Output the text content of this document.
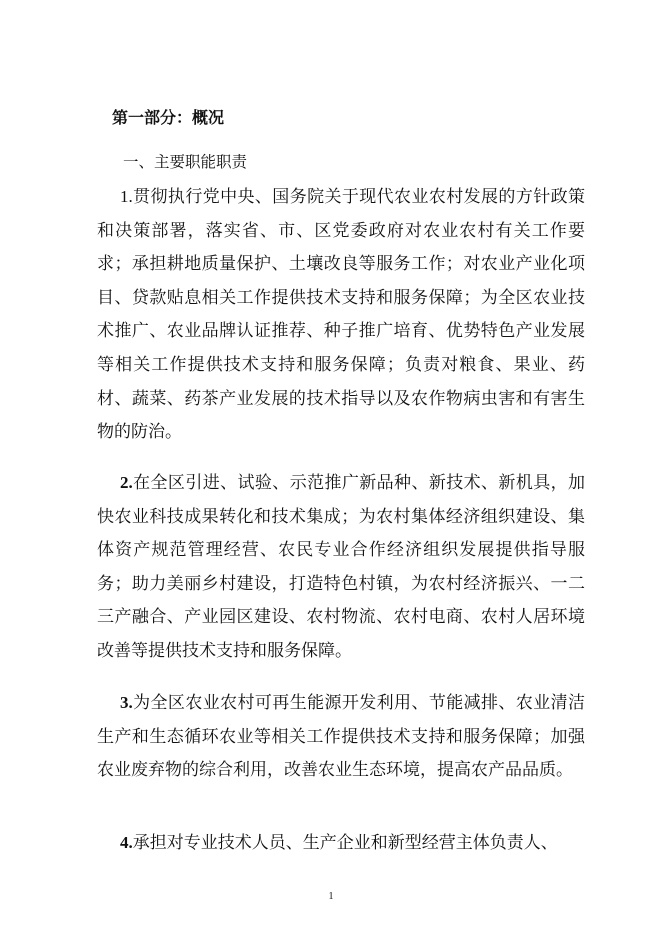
第一部分：概况
一、主要职能职责

1.贯彻执行党中央、国务院关于现代农业农村发展的方针政策和决策部署，落实省、市、区党委政府对农业农村有关工作要求；承担耕地质量保护、土壤改良等服务工作；对农业产业化项目、贷款贴息相关工作提供技术支持和服务保障；为全区农业技术推广、农业品牌认证推荐、种子推广培育、优势特色产业发展等相关工作提供技术支持和服务保障；负责对粮食、果业、药材、蔬菜、药茶产业发展的技术指导以及农作物病虫害和有害生物的防治。

2.在全区引进、试验、示范推广新品种、新技术、新机具，加快农业科技成果转化和技术集成；为农村集体经济组织建设、集体资产规范管理经营、农民专业合作经济组织发展提供指导服务；助力美丽乡村建设，打造特色村镇，为农村经济振兴、一二三产融合、产业园区建设、农村物流、农村电商、农村人居环境改善等提供技术支持和服务保障。

3.为全区农业农村可再生能源开发利用、节能减排、农业清洁生产和生态循环农业等相关工作提供技术支持和服务保障；加强农业废弃物的综合利用，改善农业生态环境，提高农产品品质。

4.承担对专业技术人员、生产企业和新型经营主体负责人、

1
